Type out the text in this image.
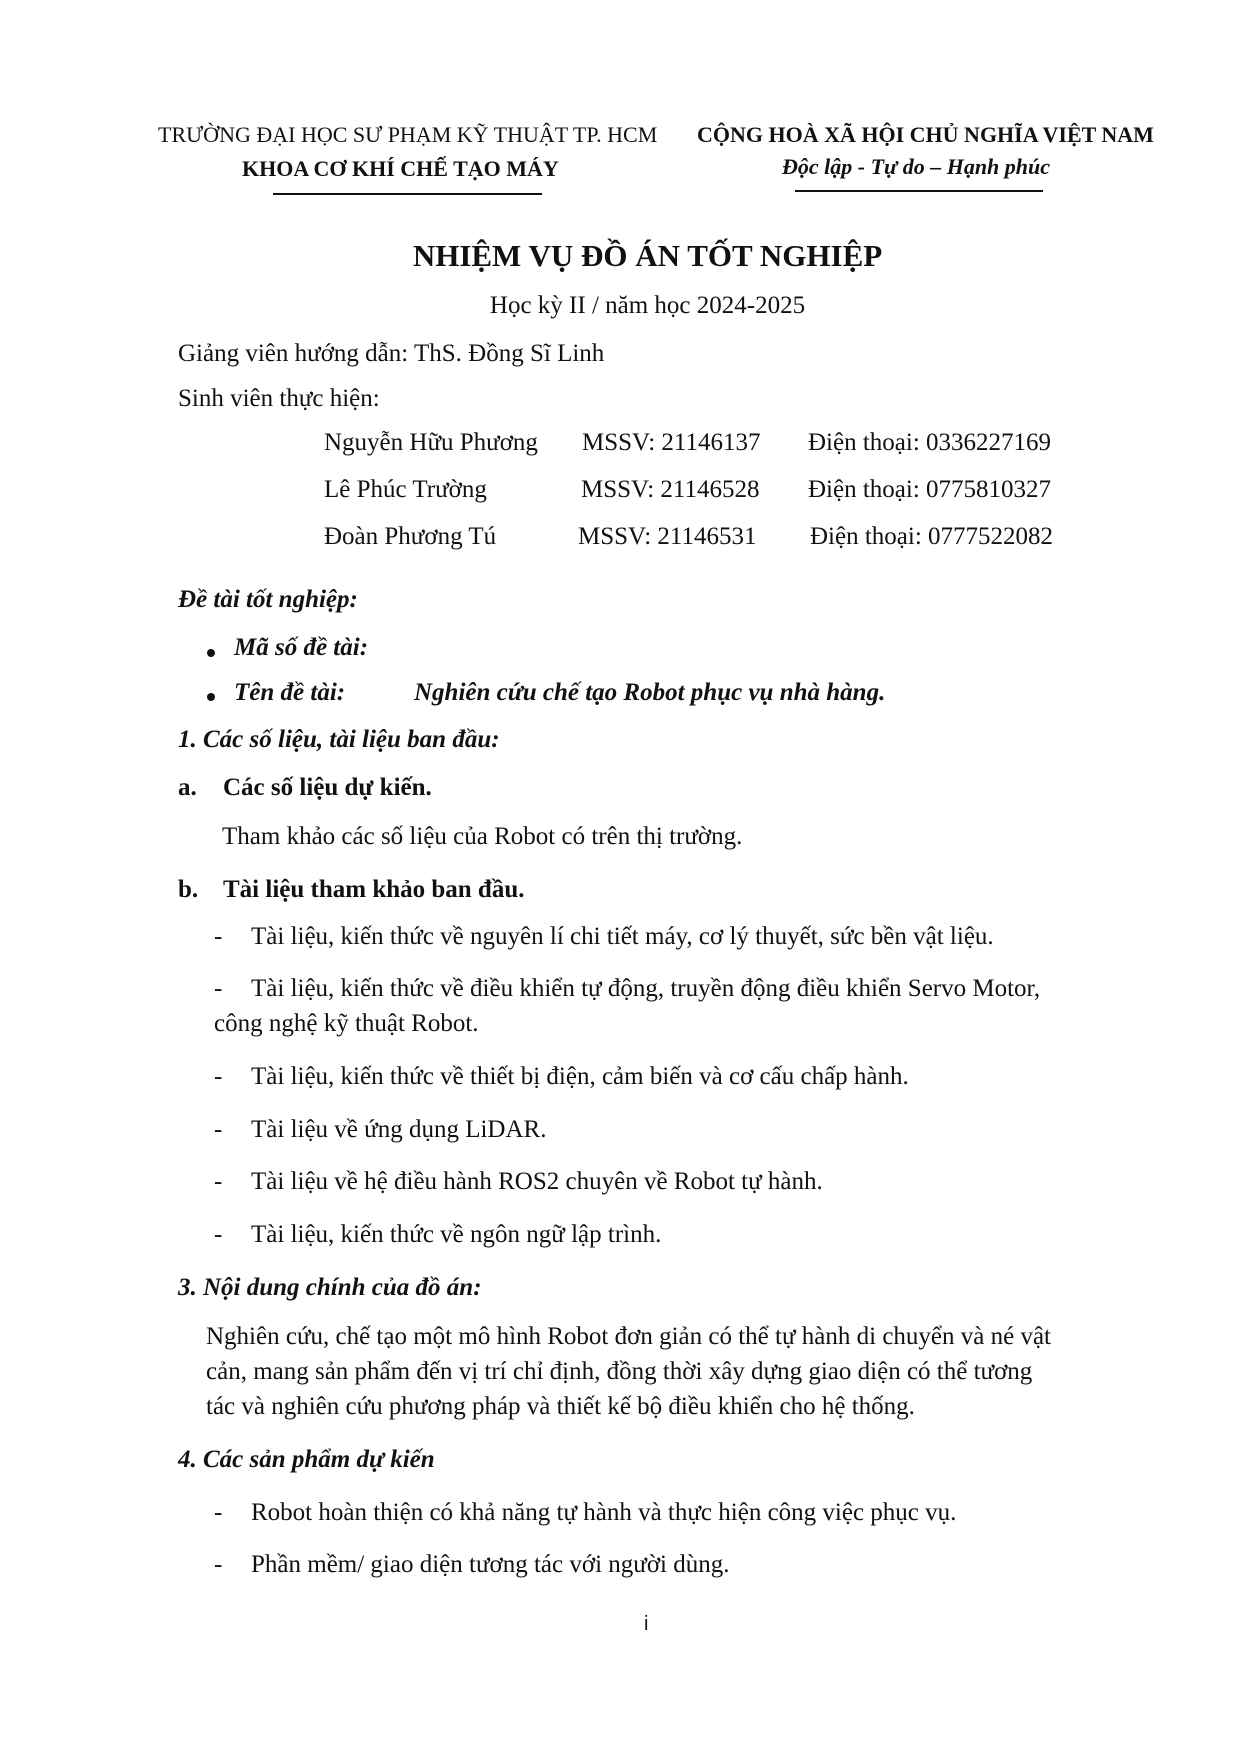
TRƯỜNG ĐẠI HỌC SƯ PHẠM KỸ THUẬT TP. HCM
KHOA CƠ KHÍ CHẾ TẠO MÁY
CỘNG HOÀ XÃ HỘI CHỦ NGHĨA VIỆT NAM
Độc lập - Tự do – Hạnh phúc
NHIỆM VỤ ĐỒ ÁN TỐT NGHIỆP
Học kỳ II / năm học 2024-2025
Giảng viên hướng dẫn: ThS. Đồng Sĩ Linh
Sinh viên thực hiện:
Nguyễn Hữu Phương MSSV: 21146137 Điện thoại: 0336227169
Lê Phúc Trường	MSSV: 21146528 Điện thoại: 0775810327
Đoàn Phương Tú	MSSV: 21146531 Điện thoại: 0777522082
Đề tài tốt nghiệp:
Mã số đề tài:
Tên đề tài:	Nghiên cứu chế tạo Robot phục vụ nhà hàng.
1. Các số liệu, tài liệu ban đầu:
a. Các số liệu dự kiến.
Tham khảo các số liệu của Robot có trên thị trường.
b. Tài liệu tham khảo ban đầu.
- Tài liệu, kiến thức về nguyên lí chi tiết máy, cơ lý thuyết, sức bền vật liệu.
- Tài liệu, kiến thức về điều khiển tự động, truyền động điều khiển Servo Motor,
công nghệ kỹ thuật Robot.
- Tài liệu, kiến thức về thiết bị điện, cảm biến và cơ cấu chấp hành.
- Tài liệu về ứng dụng LiDAR.
- Tài liệu về hệ điều hành ROS2 chuyên về Robot tự hành.
- Tài liệu, kiến thức về ngôn ngữ lập trình.
3. Nội dung chính của đồ án:
Nghiên cứu, chế tạo một mô hình Robot đơn giản có thể tự hành di chuyển và né vật
cản, mang sản phẩm đến vị trí chỉ định, đồng thời xây dựng giao diện có thể tương
tác và nghiên cứu phương pháp và thiết kế bộ điều khiển cho hệ thống.
4. Các sản phẩm dự kiến
- Robot hoàn thiện có khả năng tự hành và thực hiện công việc phục vụ.
- Phần mềm/ giao diện tương tác với người dùng.
i
